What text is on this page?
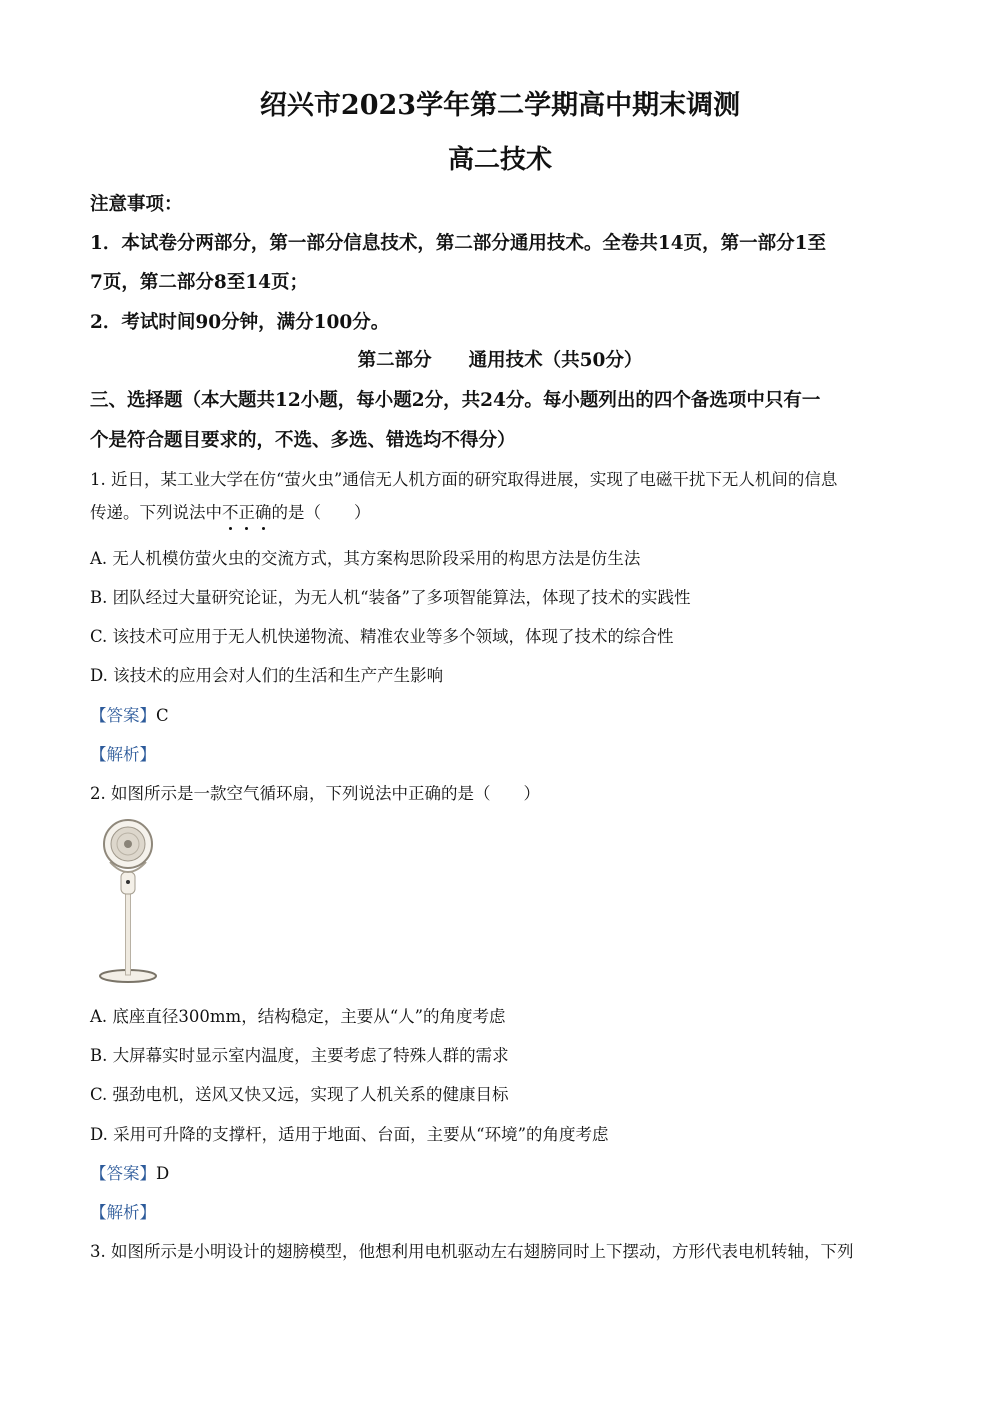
绍兴市2023学年第二学期高中期末调测
高二技术
注意事项：
1．本试卷分两部分，第一部分信息技术，第二部分通用技术。全卷共14页，第一部分1至
7页，第二部分8至14页；
2．考试时间90分钟，满分100分。
第二部分　　通用技术（共50分）
三、选择题（本大题共12小题，每小题2分，共24分。每小题列出的四个备选项中只有一
个是符合题目要求的，不选、多选、错选均不得分）
1. 近日，某工业大学在仿“萤火虫”通信无人机方面的研究取得进展，实现了电磁干扰下无人机间的信息
传递。下列说法中不正确的是（　　）
A. 无人机模仿萤火虫的交流方式，其方案构思阶段采用的构思方法是仿生法
B. 团队经过大量研究论证，为无人机“装备”了多项智能算法，体现了技术的实践性
C. 该技术可应用于无人机快递物流、精准农业等多个领域，体现了技术的综合性
D. 该技术的应用会对人们的生活和生产产生影响
【答案】C
【解析】
2. 如图所示是一款空气循环扇，下列说法中正确的是（　　）
A. 底座直径300mm，结构稳定，主要从“人”的角度考虑
B. 大屏幕实时显示室内温度，主要考虑了特殊人群的需求
C. 强劲电机，送风又快又远，实现了人机关系的健康目标
D. 采用可升降的支撑杆，适用于地面、台面，主要从“环境”的角度考虑
【答案】D
【解析】
3. 如图所示是小明设计的翅膀模型，他想利用电机驱动左右翅膀同时上下摆动，方形代表电机转轴，下列
